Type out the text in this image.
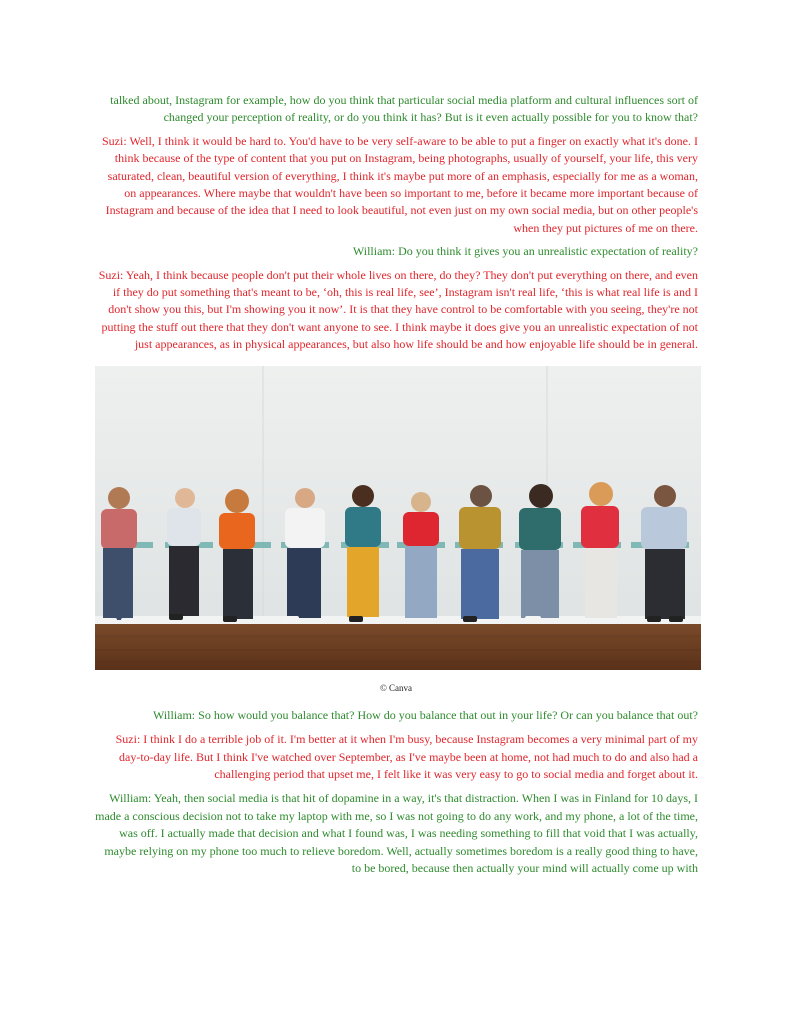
talked about, Instagram for example, how do you think that particular social media platform and cultural influences sort of changed your perception of reality, or do you think it has? But is it even actually possible for you to know that?

Suzi: Well, I think it would be hard to. You'd have to be very self-aware to be able to put a finger on exactly what it's done. I think because of the type of content that you put on Instagram, being photographs, usually of yourself, your life, this very saturated, clean, beautiful version of everything, I think it's maybe put more of an emphasis, especially for me as a woman, on appearances. Where maybe that wouldn't have been so important to me, before it became more important because of Instagram and because of the idea that I need to look beautiful, not even just on my own social media, but on other people's when they put pictures of me on there.

William: Do you think it gives you an unrealistic expectation of reality?

Suzi: Yeah, I think because people don't put their whole lives on there, do they? They don't put everything on there, and even if they do put something that's meant to be, ‘oh, this is real life, see’, Instagram isn't real life, ‘this is what real life is and I don't show you this, but I'm showing you it now’. It is that they have control to be comfortable with you seeing, they're not putting the stuff out there that they don't want anyone to see. I think maybe it does give you an unrealistic expectation of not just appearances, as in physical appearances, but also how life should be and how enjoyable life should be in general.

© Canva

William: So how would you balance that? How do you balance that out in your life? Or can you balance that out?

Suzi: I think I do a terrible job of it. I'm better at it when I'm busy, because Instagram becomes a very minimal part of my day-to-day life. But I think I've watched over September, as I've maybe been at home, not had much to do and also had a challenging period that upset me, I felt like it was very easy to go to social media and forget about it.

William: Yeah, then social media is that hit of dopamine in a way, it's that distraction. When I was in Finland for 10 days, I made a conscious decision not to take my laptop with me, so I was not going to do any work, and my phone, a lot of the time, was off. I actually made that decision and what I found was, I was needing something to fill that void that I was actually, maybe relying on my phone too much to relieve boredom. Well, actually sometimes boredom is a really good thing to have, to be bored, because then actually your mind will actually come up with
